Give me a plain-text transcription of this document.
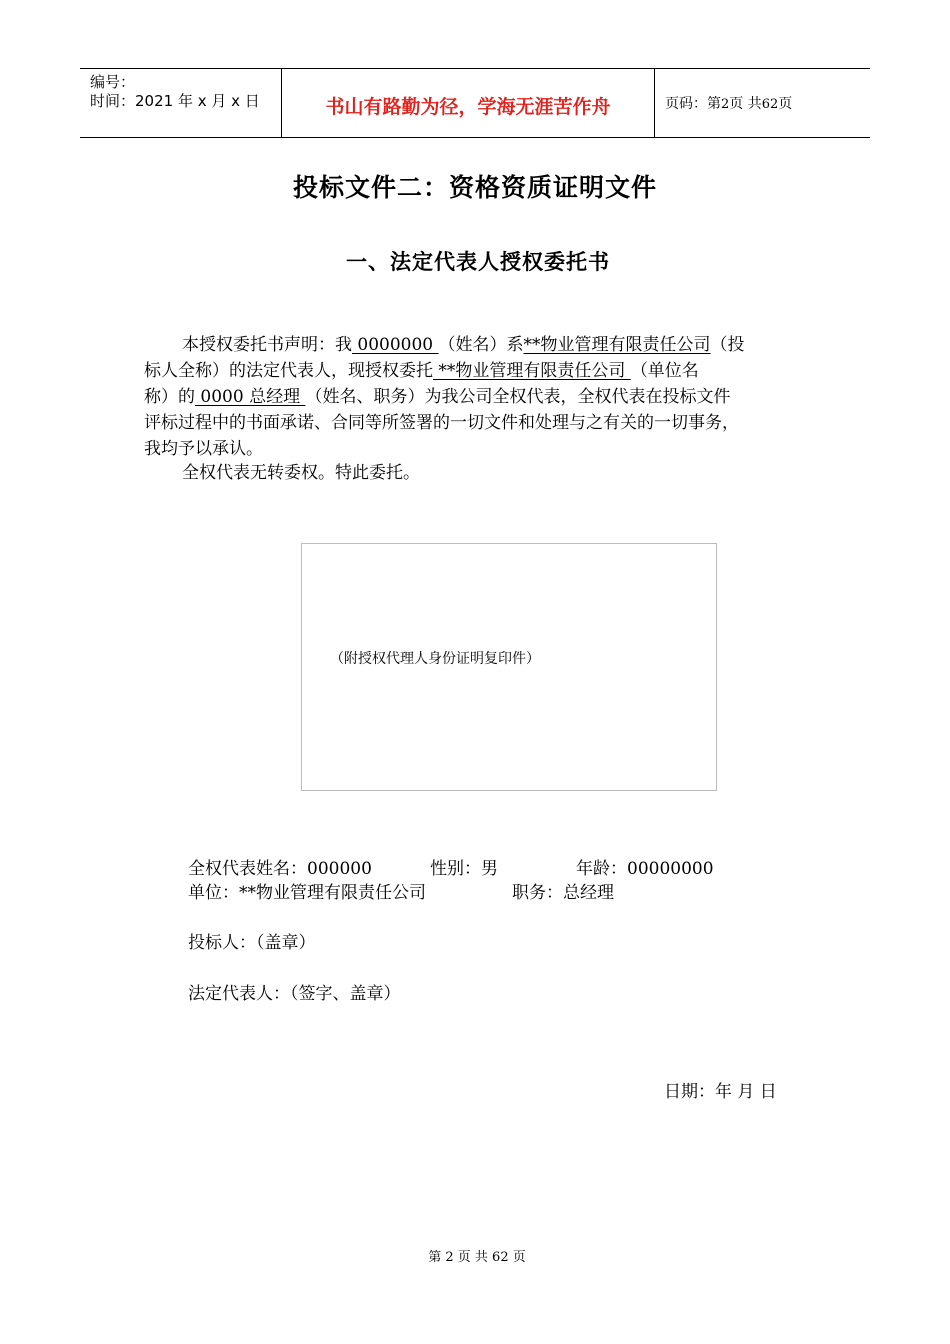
编号：
时间：2021 年 x 月 x 日	书山有路勤为径，学海无涯苦作舟	页码：第2页 共62页
投标文件二：资格资质证明文件
一、法定代表人授权委托书
本授权委托书声明：我 0000000 （姓名）系**物业管理有限责任公司（投
标人全称）的法定代表人，现授权委托 **物业管理有限责任公司 （单位名
称）的 0000 总经理 （姓名、职务）为我公司全权代表，全权代表在投标文件
评标过程中的书面承诺、合同等所签署的一切文件和处理与之有关的一切事务，
我均予以承认。
全权代表无转委权。特此委托。
（附授权代理人身份证明复印件）
全权代表姓名：000000	性别：男	年龄：00000000
单位：**物业管理有限责任公司	职务：总经理
投标人：（盖章）
法定代表人：（签字、盖章）
日期：年 月 日
第 2 页 共 62 页
